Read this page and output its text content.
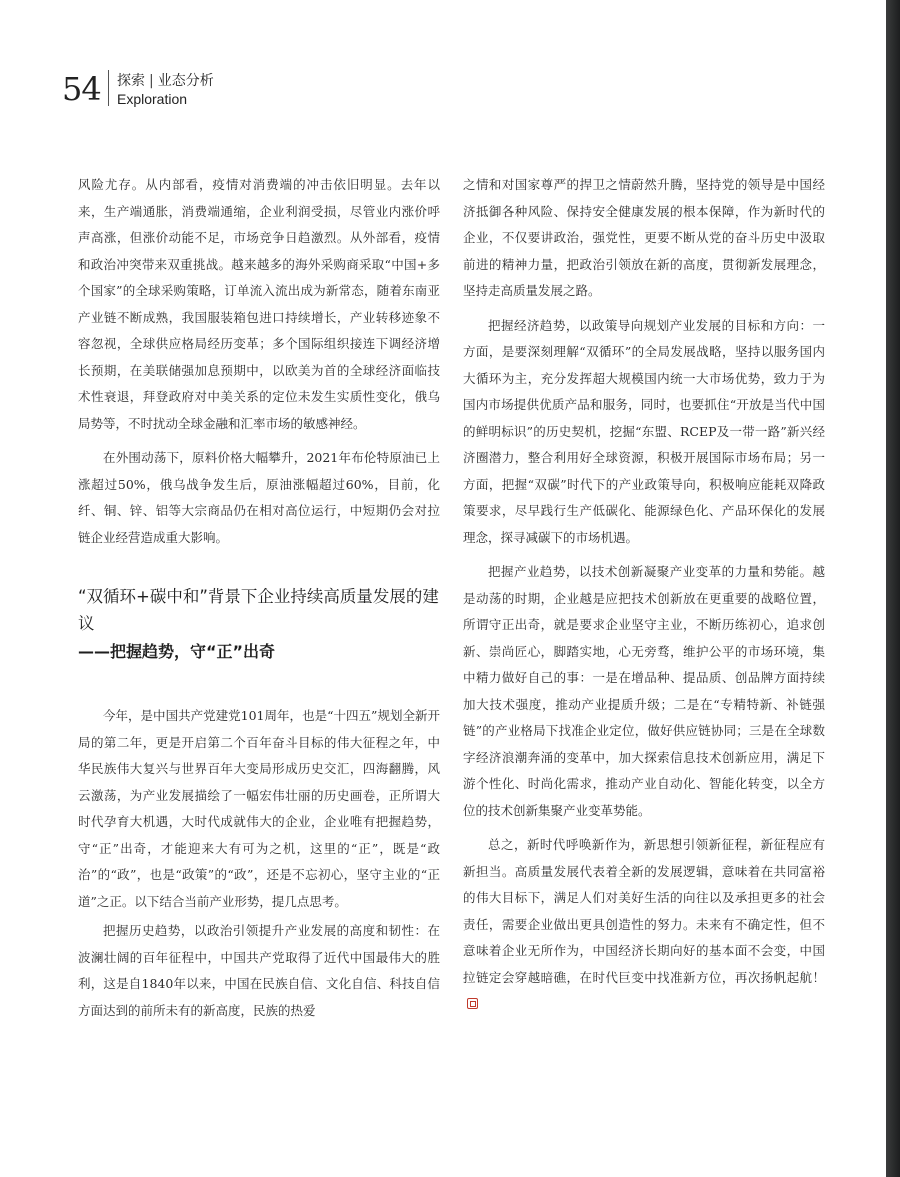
54 探索 | 业态分析
Exploration

风险尤存。从内部看，疫情对消费端的冲击依旧明显。去年以来，生产端通胀，消费端通缩，企业利润受损，尽管业内涨价呼声高涨，但涨价动能不足，市场竞争日趋激烈。从外部看，疫情和政治冲突带来双重挑战。越来越多的海外采购商采取“中国+多个国家”的全球采购策略，订单流入流出成为新常态，随着东南亚产业链不断成熟，我国服装箱包进口持续增长，产业转移迹象不容忽视，全球供应格局经历变革；多个国际组织接连下调经济增长预期，在美联储强加息预期中，以欧美为首的全球经济面临技术性衰退，拜登政府对中美关系的定位未发生实质性变化，俄乌局势等，不时扰动全球金融和汇率市场的敏感神经。

在外围动荡下，原料价格大幅攀升，2021年布伦特原油已上涨超过50%，俄乌战争发生后，原油涨幅超过60%，目前，化纤、铜、锌、铝等大宗商品仍在相对高位运行，中短期仍会对拉链企业经营造成重大影响。

“双循环+碳中和”背景下企业持续高质量发展的建议
——把握趋势，守“正”出奇

今年，是中国共产党建党101周年，也是“十四五”规划全新开局的第二年，更是开启第二个百年奋斗目标的伟大征程之年，中华民族伟大复兴与世界百年大变局形成历史交汇，四海翻腾，风云激荡，为产业发展描绘了一幅宏伟壮丽的历史画卷，正所谓大时代孕育大机遇，大时代成就伟大的企业，企业唯有把握趋势，守“正”出奇，才能迎来大有可为之机，这里的“正”，既是“政治”的“政”，也是“政策”的“政”，还是不忘初心，坚守主业的“正道”之正。以下结合当前产业形势，提几点思考。

把握历史趋势，以政治引领提升产业发展的高度和韧性：在波澜壮阔的百年征程中，中国共产党取得了近代中国最伟大的胜利，这是自1840年以来，中国在民族自信、文化自信、科技自信方面达到的前所未有的新高度，民族的热爱

之情和对国家尊严的捍卫之情蔚然升腾，坚持党的领导是中国经济抵御各种风险、保持安全健康发展的根本保障，作为新时代的企业，不仅要讲政治，强党性，更要不断从党的奋斗历史中汲取前进的精神力量，把政治引领放在新的高度，贯彻新发展理念，坚持走高质量发展之路。

把握经济趋势，以政策导向规划产业发展的目标和方向：一方面，是要深刻理解“双循环”的全局发展战略，坚持以服务国内大循环为主，充分发挥超大规模国内统一大市场优势，致力于为国内市场提供优质产品和服务，同时，也要抓住“开放是当代中国的鲜明标识”的历史契机，挖掘“东盟、RCEP及一带一路”新兴经济圈潜力，整合利用好全球资源，积极开展国际市场布局；另一方面，把握“双碳”时代下的产业政策导向，积极响应能耗双降政策要求，尽早践行生产低碳化、能源绿色化、产品环保化的发展理念，探寻减碳下的市场机遇。

把握产业趋势，以技术创新凝聚产业变革的力量和势能。越是动荡的时期，企业越是应把技术创新放在更重要的战略位置，所谓守正出奇，就是要求企业坚守主业，不断历练初心，追求创新、崇尚匠心，脚踏实地，心无旁骛，维护公平的市场环境，集中精力做好自己的事：一是在增品种、提品质、创品牌方面持续加大技术强度，推动产业提质升级；二是在“专精特新、补链强链”的产业格局下找准企业定位，做好供应链协同；三是在全球数字经济浪潮奔涌的变革中，加大探索信息技术创新应用，满足下游个性化、时尚化需求，推动产业自动化、智能化转变，以全方位的技术创新集聚产业变革势能。

总之，新时代呼唤新作为，新思想引领新征程，新征程应有新担当。高质量发展代表着全新的发展逻辑，意味着在共同富裕的伟大目标下，满足人们对美好生活的向往以及承担更多的社会责任，需要企业做出更具创造性的努力。未来有不确定性，但不意味着企业无所作为，中国经济长期向好的基本面不会变，中国拉链定会穿越暗礁，在时代巨变中找准新方位，再次扬帆起航！
